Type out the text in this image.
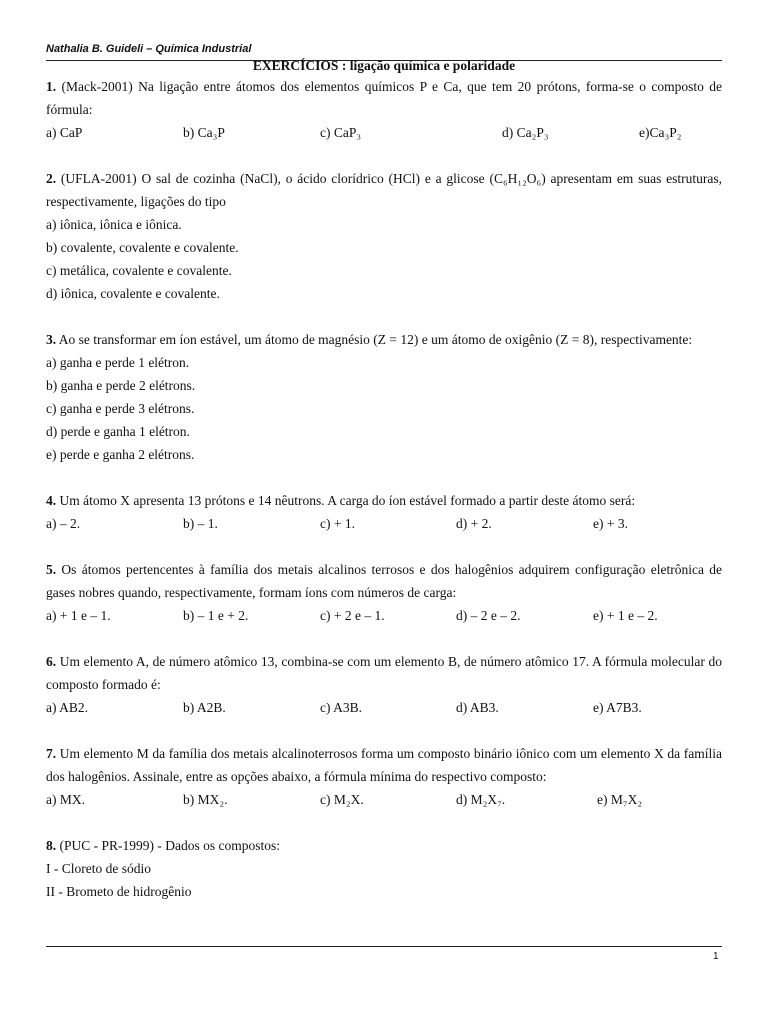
Nathalia B. Guideli – Química Industrial
EXERCÍCIOS : ligação química e polaridade

1. (Mack-2001) Na ligação entre átomos dos elementos químicos P e Ca, que tem 20 prótons, forma-se o composto de fórmula:

a) CaP	b) Ca₃P	c) CaP₃	d) Ca₂P₃	e)Ca₃P₂

2. (UFLA-2001) O sal de cozinha (NaCl), o ácido clorídrico (HCl) e a glicose (C₆H₁₂O₆) apresentam em suas estruturas, respectivamente, ligações do tipo

a) iônica, iônica e iônica.

b) covalente, covalente e covalente.

c) metálica, covalente e covalente.

d) iônica, covalente e covalente.

3. Ao se transformar em íon estável, um átomo de magnésio (Z = 12) e um átomo de oxigênio (Z = 8), respectivamente:

a) ganha e perde 1 elétron.

b) ganha e perde 2 elétrons.

c) ganha e perde 3 elétrons.

d) perde e ganha 1 elétron.

e) perde e ganha 2 elétrons.

4. Um átomo X apresenta 13 prótons e 14 nêutrons. A carga do íon estável formado a partir deste átomo será:

a) – 2.	b) – 1.	c) + 1.	d) + 2.	e) + 3.

5. Os átomos pertencentes à família dos metais alcalinos terrosos e dos halogênios adquirem configuração eletrônica de gases nobres quando, respectivamente, formam íons com números de carga:

a) + 1 e – 1.	b) – 1 e + 2.	c) + 2 e – 1.	d) – 2 e – 2.	e) + 1 e – 2.

6. Um elemento A, de número atômico 13, combina-se com um elemento B, de número atômico 17. A fórmula molecular do composto formado é:

a) AB2.	b) A2B.	c) A3B.	d) AB3.	e) A7B3.

7. Um elemento M da família dos metais alcalinoterrosos forma um composto binário iônico com um elemento X da família dos halogênios. Assinale, entre as opções abaixo, a fórmula mínima do respectivo composto:

a) MX.	b) MX₂.	c) M₂X.	d) M₂X₇.	e) M₇X₂

8. (PUC - PR-1999) - Dados os compostos:

I - Cloreto de sódio

II - Brometo de hidrogênio

1
